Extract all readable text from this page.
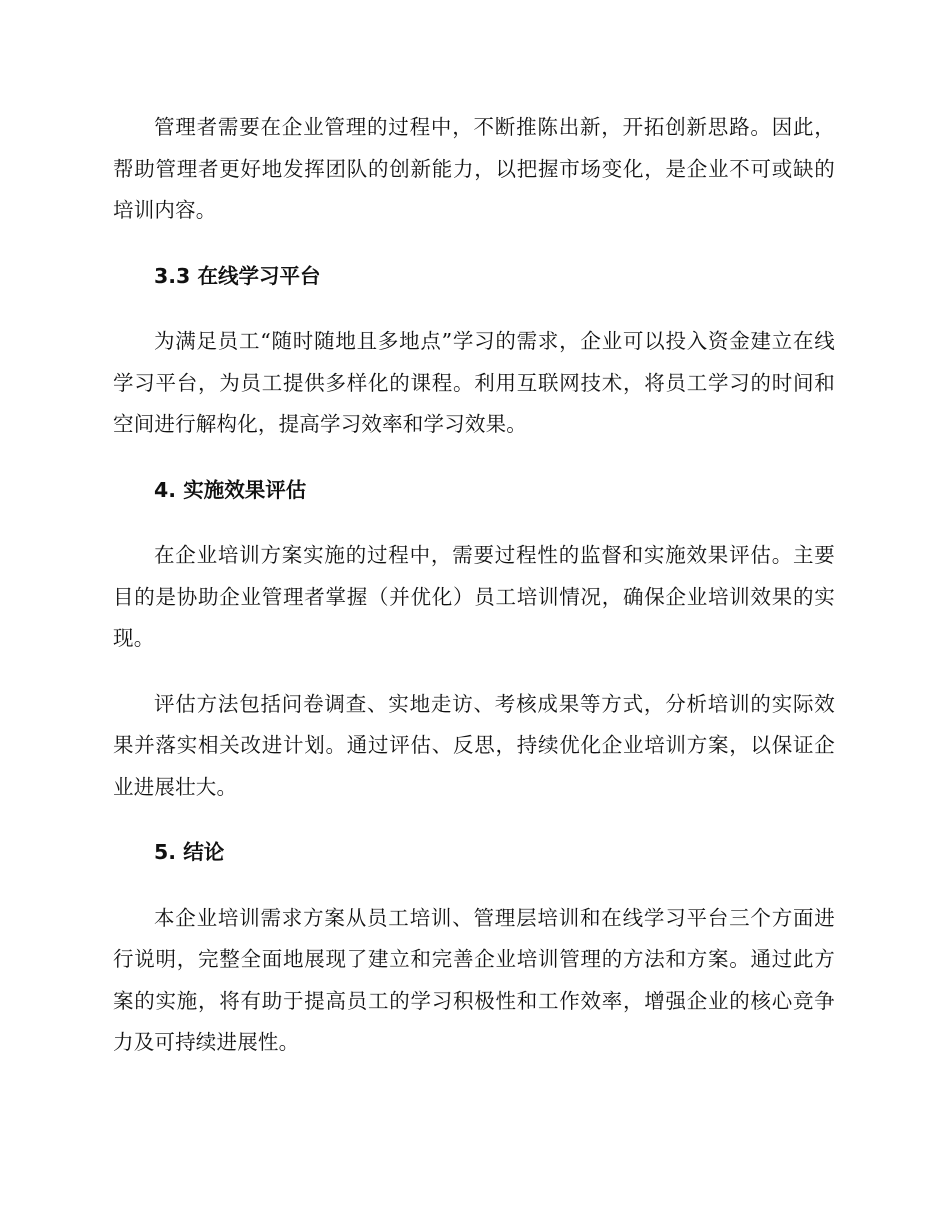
管理者需要在企业管理的过程中，不断推陈出新，开拓创新思路。因此，帮助管理者更好地发挥团队的创新能力，以把握市场变化，是企业不可或缺的培训内容。

3.3 在线学习平台

为满足员工“随时随地且多地点”学习的需求，企业可以投入资金建立在线学习平台，为员工提供多样化的课程。利用互联网技术，将员工学习的时间和空间进行解构化，提高学习效率和学习效果。

4. 实施效果评估

在企业培训方案实施的过程中，需要过程性的监督和实施效果评估。主要目的是协助企业管理者掌握（并优化）员工培训情况，确保企业培训效果的实现。

评估方法包括问卷调查、实地走访、考核成果等方式，分析培训的实际效果并落实相关改进计划。通过评估、反思，持续优化企业培训方案，以保证企业进展壮大。

5. 结论

本企业培训需求方案从员工培训、管理层培训和在线学习平台三个方面进行说明，完整全面地展现了建立和完善企业培训管理的方法和方案。通过此方案的实施，将有助于提高员工的学习积极性和工作效率，增强企业的核心竞争力及可持续进展性。
